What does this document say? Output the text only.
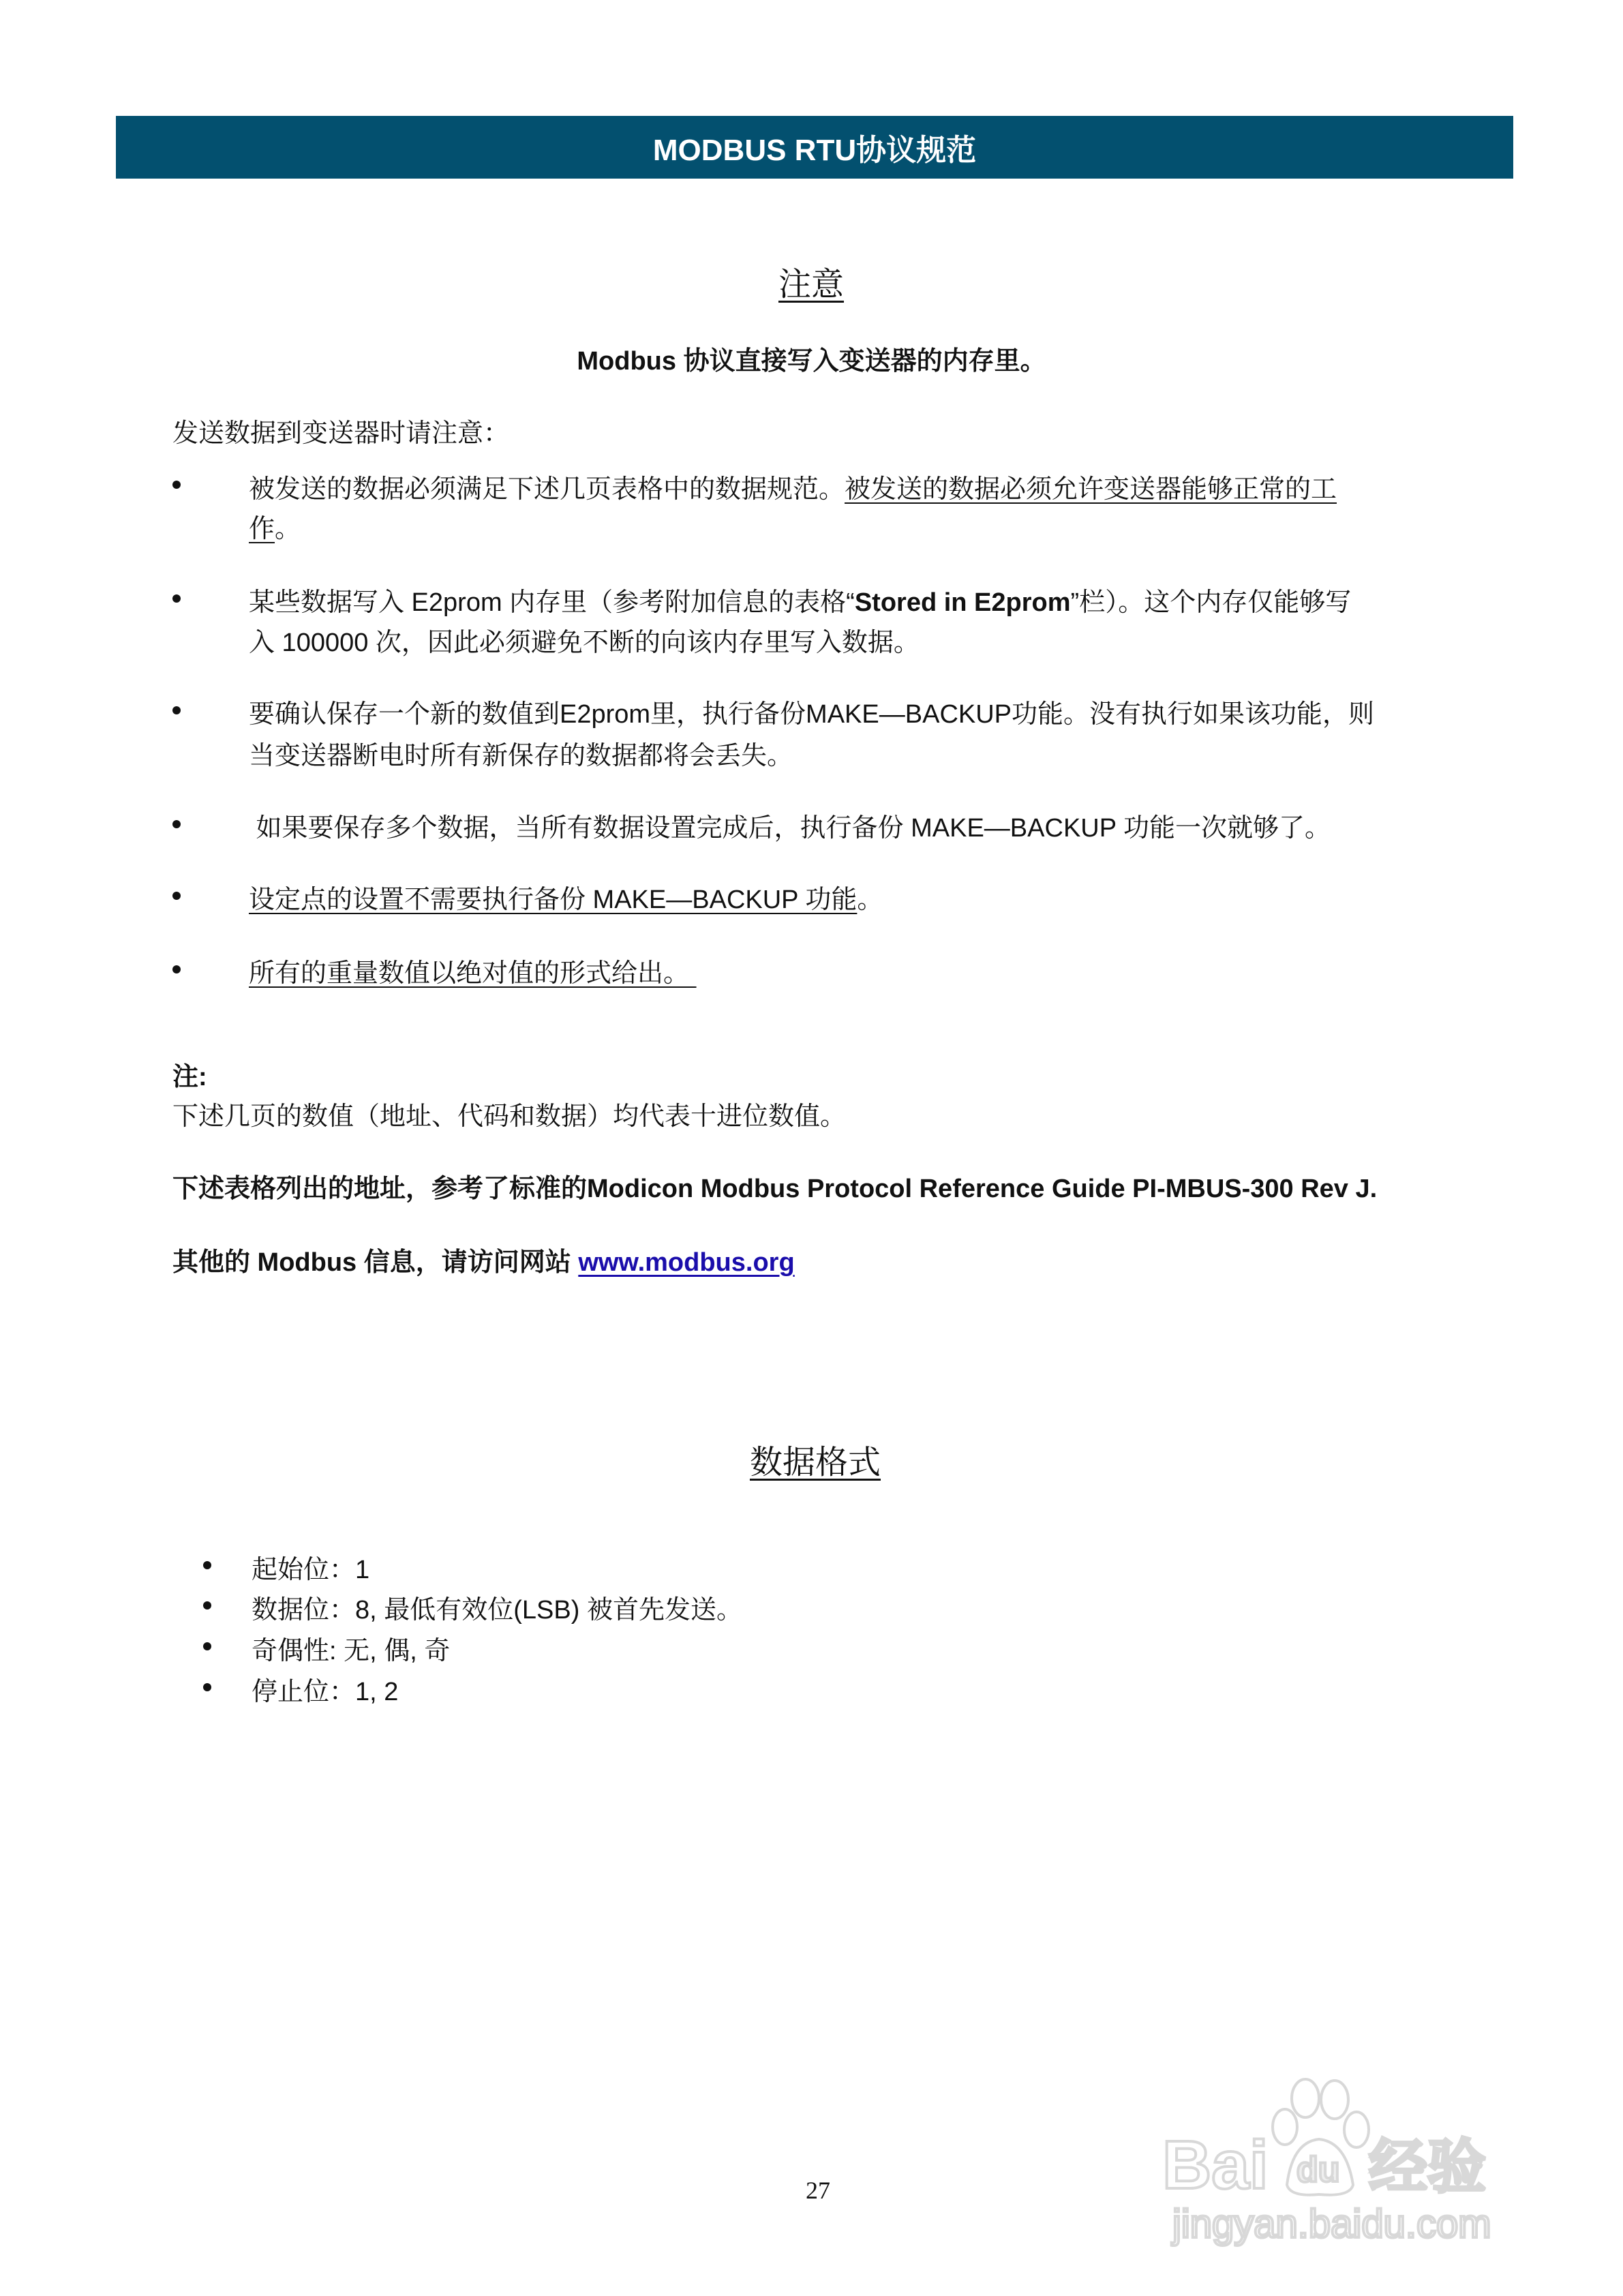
MODBUS RTU协议规范
注意
Modbus 协议直接写入变送器的内存里。
发送数据到变送器时请注意：
被发送的数据必须满足下述几页表格中的数据规范。被发送的数据必须允许变送器能够正常的工
作。
某些数据写入 E2prom 内存里（参考附加信息的表格“Stored in E2prom”栏）。这个内存仅能够写
入 100000 次，因此必须避免不断的向该内存里写入数据。
要确认保存一个新的数值到E2prom里，执行备份MAKE—BACKUP功能。没有执行如果该功能，则
当变送器断电时所有新保存的数据都将会丢失。
如果要保存多个数据，当所有数据设置完成后，执行备份 MAKE—BACKUP 功能一次就够了。
设定点的设置不需要执行备份 MAKE—BACKUP 功能。
所有的重量数值以绝对值的形式给出。
注:
下述几页的数值（地址、代码和数据）均代表十进位数值。
下述表格列出的地址，参考了标准的Modicon Modbus Protocol Reference Guide PI-MBUS-300 Rev J.
其他的 Modbus 信息，请访问网站 www.modbus.org
数据格式
起始位：1
数据位：8, 最低有效位(LSB) 被首先发送。
奇偶性: 无, 偶, 奇
停止位：1, 2
27	Bai du 经验
jingyan.baidu.com
